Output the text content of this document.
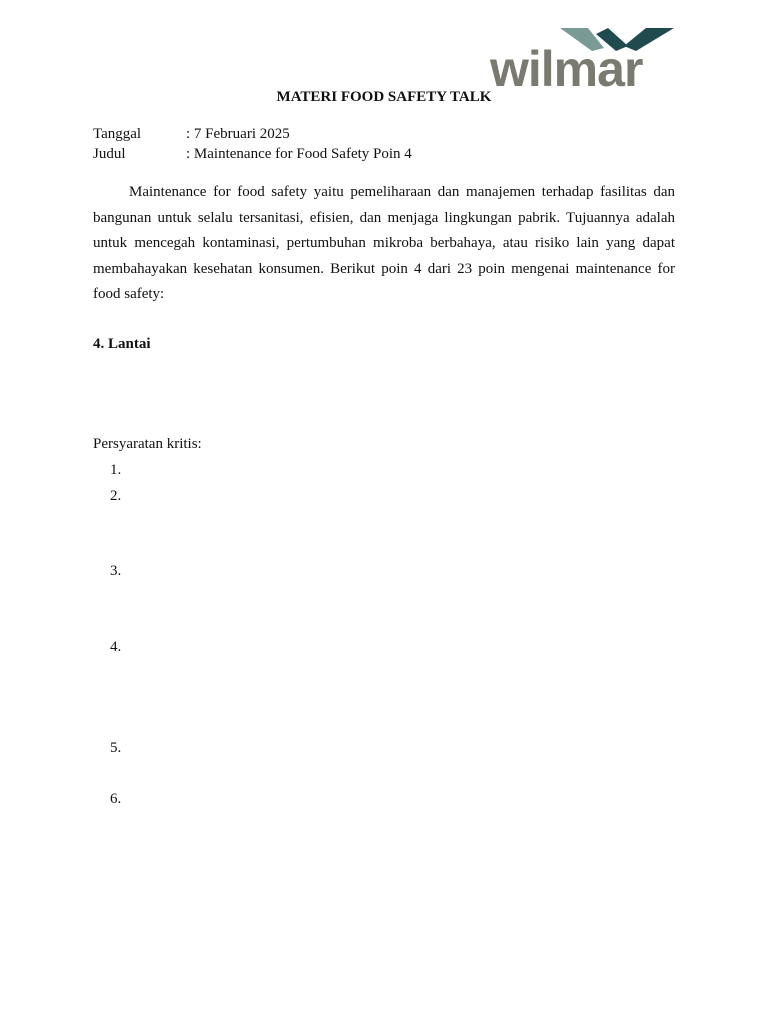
wilmar
MATERI FOOD SAFETY TALK
Tanggal	: 7 Februari 2025
Judul	: Maintenance for Food Safety Poin 4

Maintenance for food safety yaitu pemeliharaan dan manajemen terhadap fasilitas dan bangunan untuk selalu tersanitasi, efisien, dan menjaga lingkungan pabrik. Tujuannya adalah untuk mencegah kontaminasi, pertumbuhan mikroba berbahaya, atau risiko lain yang dapat membahayakan kesehatan konsumen. Berikut poin 4 dari 23 poin mengenai maintenance for food safety:

4. Lantai
Persyaratan kritis:
1.
2.
3.
4.
5.
6.
